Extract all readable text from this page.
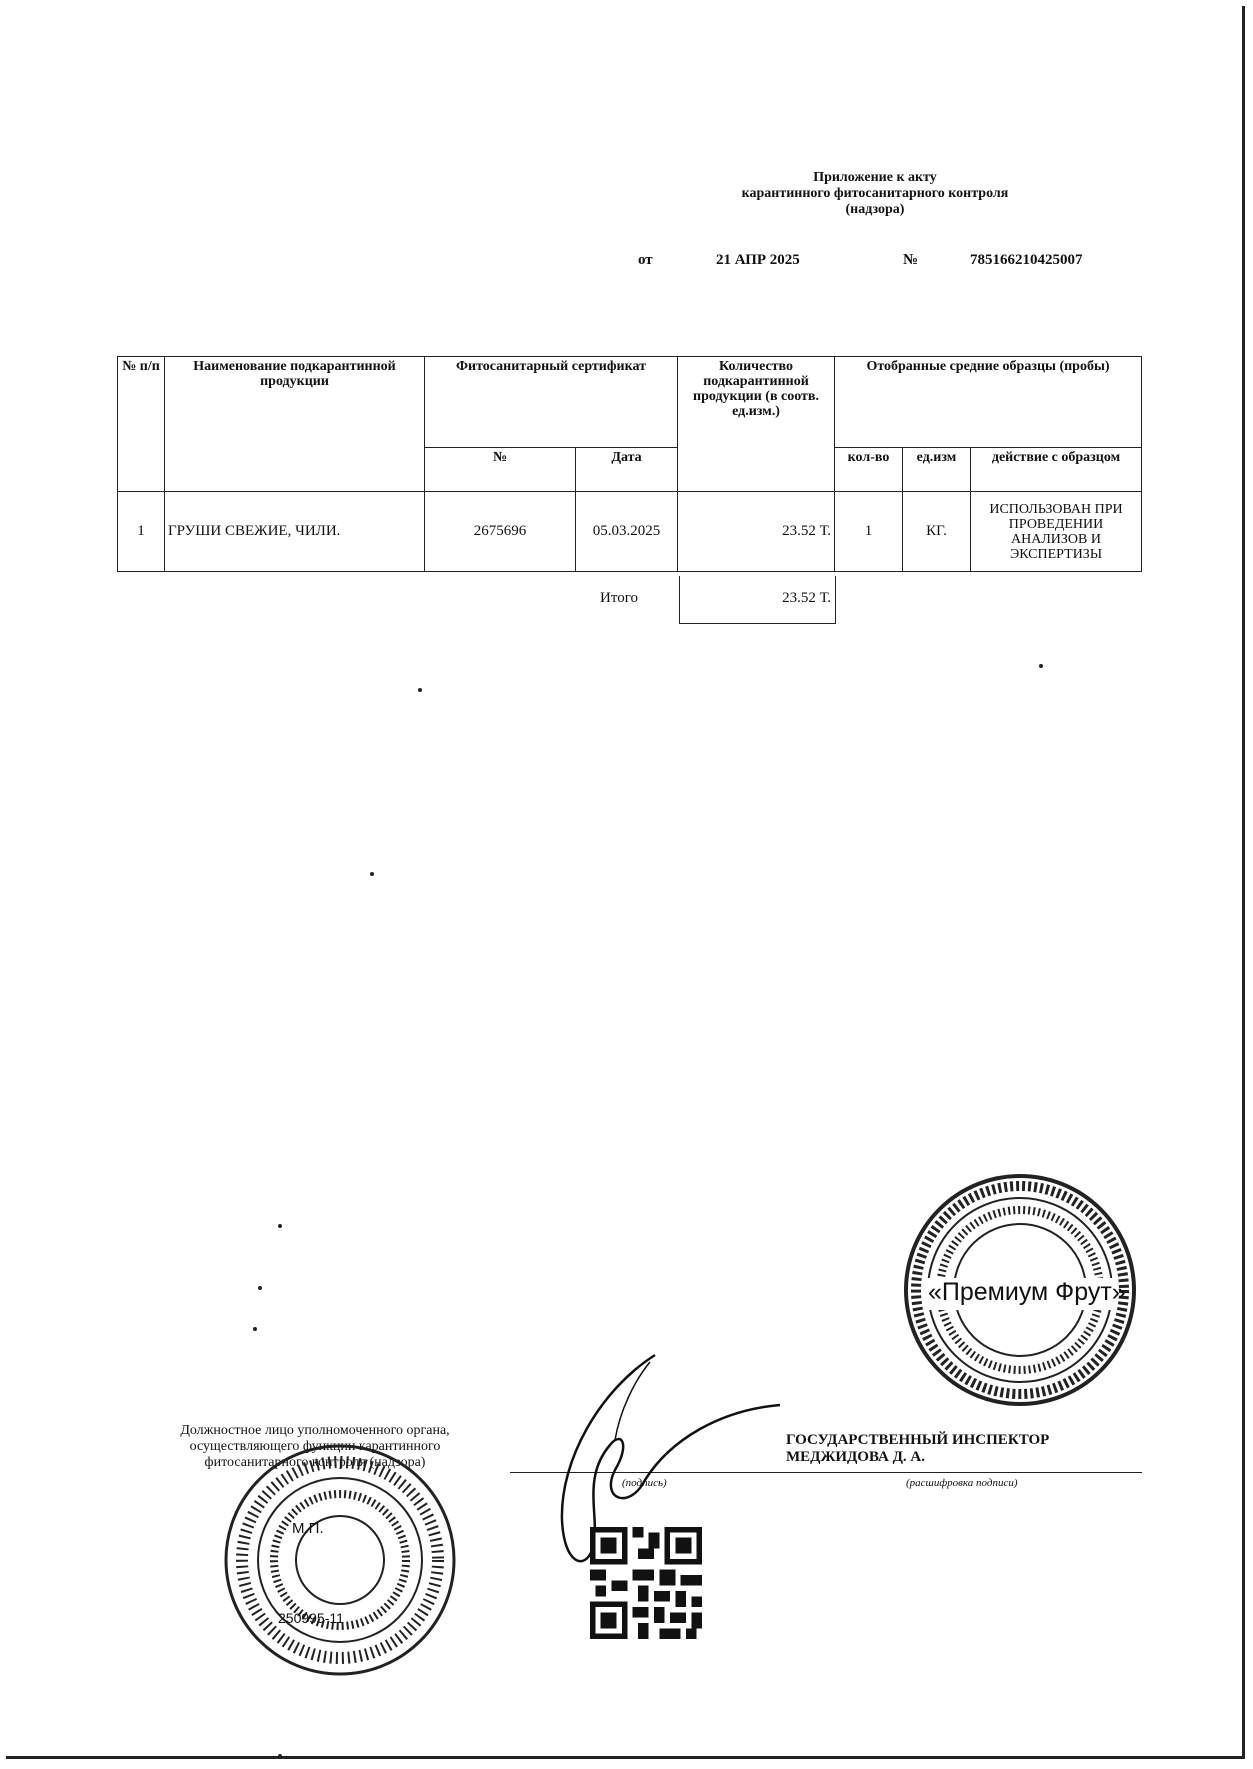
Приложение к акту
карантинного фитосанитарного контроля
(надзора)
от	21 АПР 2025	№	785166210425007
№ п/п	Наименование подкарантинной продукции	Фитосанитарный сертификат		Количество подкарантинной продукции (в соотв. ед.изм.)	Отобранные средние образцы (пробы)		
		№	Дата		кол-во	ед.изм	действие с образцом
1	ГРУШИ СВЕЖИЕ, ЧИЛИ.	2675696	05.03.2025	23.52 Т.	1	КГ.	ИСПОЛЬЗОВАН ПРИ ПРОВЕДЕНИИ АНАЛИЗОВ И ЭКСПЕРТИЗЫ
Итого	23.52 Т.
«Премиум Фрут»
Должностное лицо уполномоченного органа, осуществляющего функции карантинного фитосанитарного контроля (надзора)
(подпись)	(расшифровка подписи)
ГОСУДАРСТВЕННЫЙ ИНСПЕКТОР
МЕДЖИДОВА Д. А.
М.П.
250995-11
